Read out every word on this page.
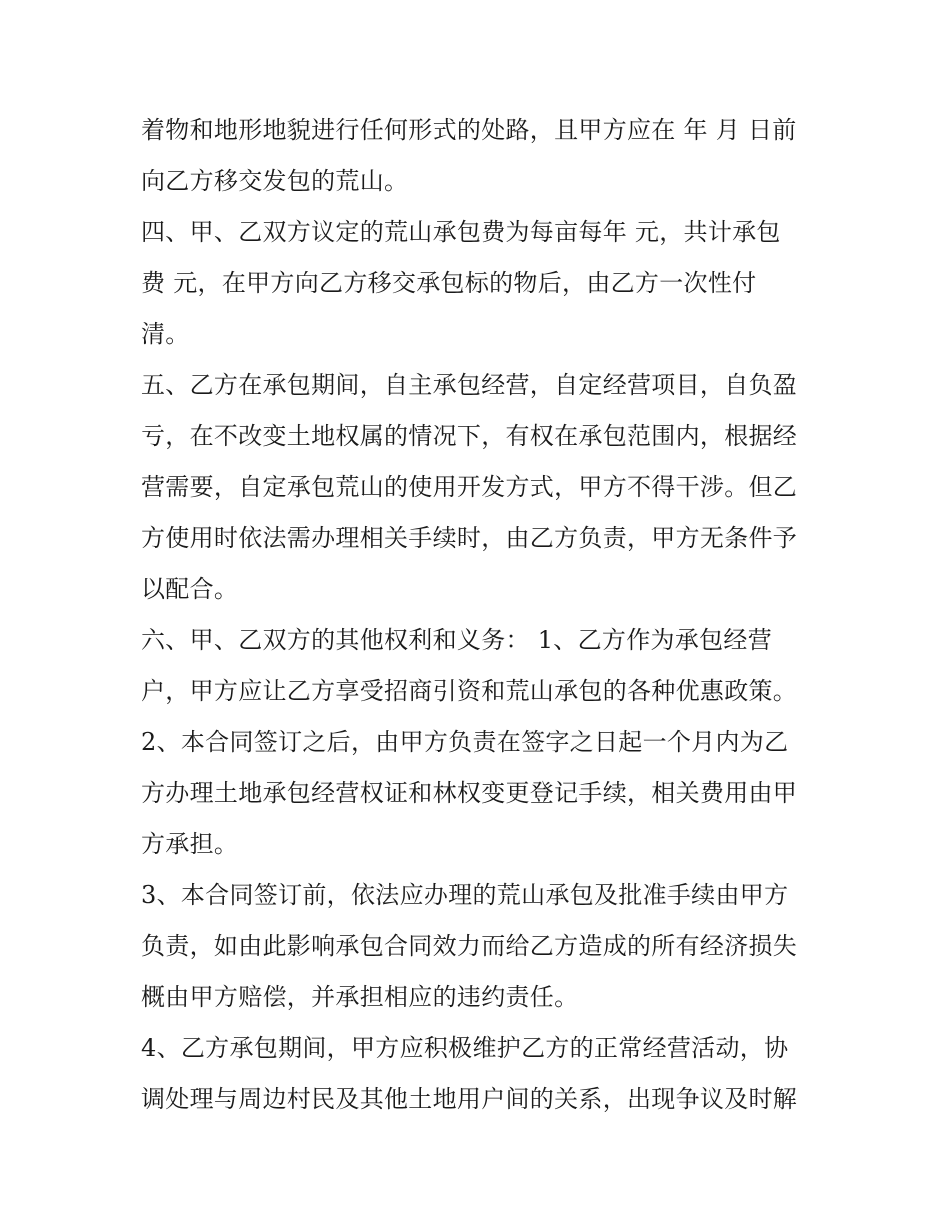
着物和地形地貌进行任何形式的处路，且甲方应在 年 月 日前
向乙方移交发包的荒山。
四、甲、乙双方议定的荒山承包费为每亩每年 元，共计承包
费 元，在甲方向乙方移交承包标的物后，由乙方一次性付
清。
五、乙方在承包期间，自主承包经营，自定经营项目，自负盈
亏，在不改变土地权属的情况下，有权在承包范围内，根据经
营需要，自定承包荒山的使用开发方式，甲方不得干涉。但乙
方使用时依法需办理相关手续时，由乙方负责，甲方无条件予
以配合。
六、甲、乙双方的其他权利和义务： 1、乙方作为承包经营
户，甲方应让乙方享受招商引资和荒山承包的各种优惠政策。
2、本合同签订之后，由甲方负责在签字之日起一个月内为乙
方办理土地承包经营权证和林权变更登记手续，相关费用由甲
方承担。
3、本合同签订前，依法应办理的荒山承包及批准手续由甲方
负责，如由此影响承包合同效力而给乙方造成的所有经济损失
概由甲方赔偿，并承担相应的违约责任。
4、乙方承包期间，甲方应积极维护乙方的正常经营活动，协
调处理与周边村民及其他土地用户间的关系，出现争议及时解
